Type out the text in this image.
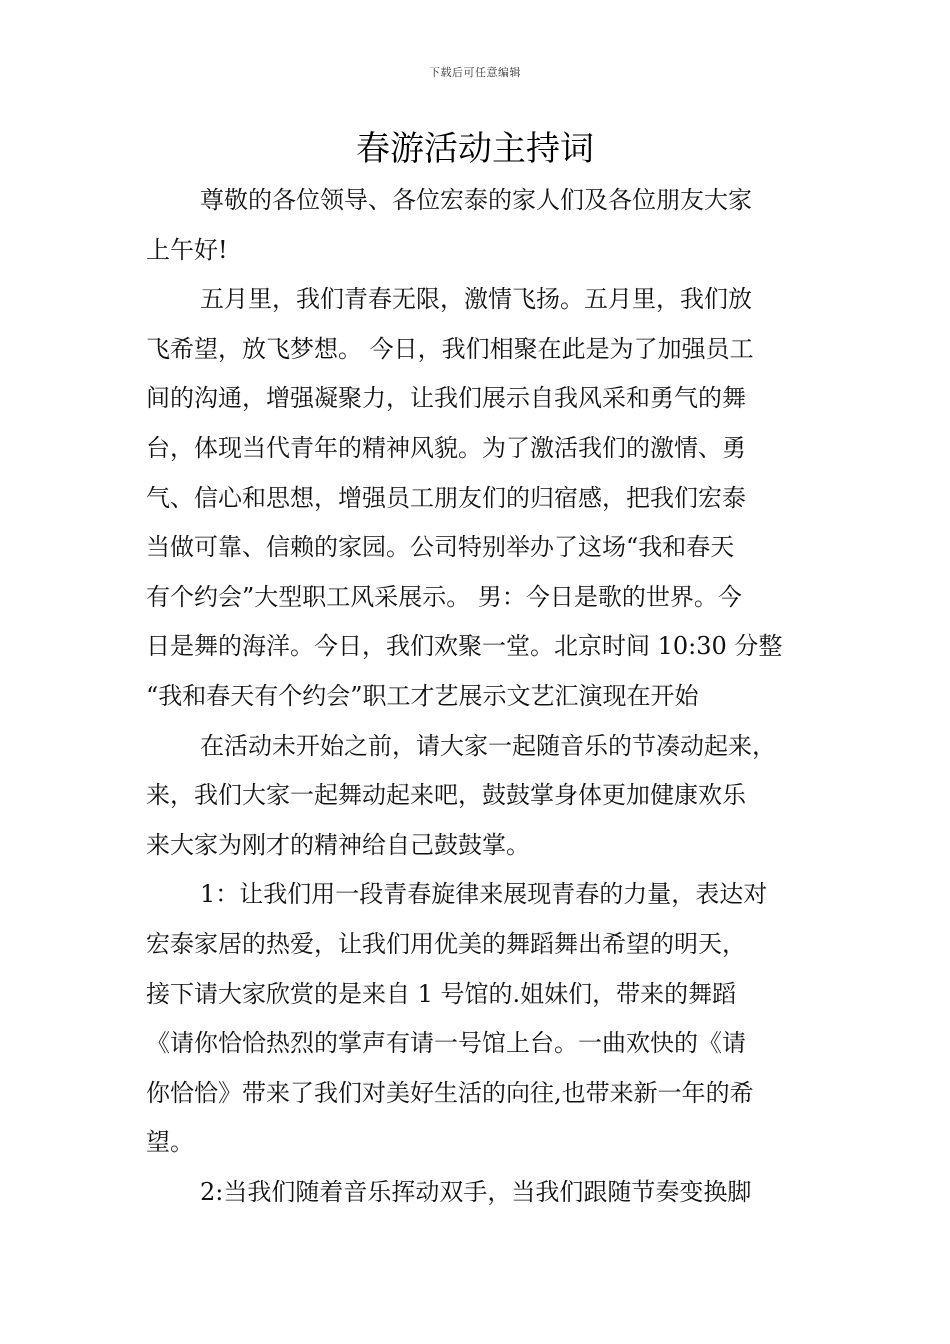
下载后可任意编辑
春游活动主持词
尊敬的各位领导、各位宏泰的家人们及各位朋友大家
上午好!
五月里，我们青春无限，激情飞扬。五月里，我们放
飞希望，放飞梦想。 今日，我们相聚在此是为了加强员工
间的沟通，增强凝聚力，让我们展示自我风采和勇气的舞
台，体现当代青年的精神风貌。为了激活我们的激情、勇
气、信心和思想，增强员工朋友们的归宿感，把我们宏泰
当做可靠、信赖的家园。公司特别举办了这场“我和春天
有个约会”大型职工风采展示。 男：今日是歌的世界。今
日是舞的海洋。今日，我们欢聚一堂。北京时间 10:30 分整
“我和春天有个约会”职工才艺展示文艺汇演现在开始
在活动未开始之前，请大家一起随音乐的节凑动起来，
来，我们大家一起舞动起来吧，鼓鼓掌身体更加健康欢乐
来大家为刚才的精神给自己鼓鼓掌。
1：让我们用一段青春旋律来展现青春的力量，表达对
宏泰家居的热爱，让我们用优美的舞蹈舞出希望的明天，
接下请大家欣赏的是来自 1 号馆的.姐妹们，带来的舞蹈
《请你恰恰热烈的掌声有请一号馆上台。一曲欢快的《请
你恰恰》带来了我们对美好生活的向往,也带来新一年的希
望。
2:当我们随着音乐挥动双手，当我们跟随节奏变换脚
